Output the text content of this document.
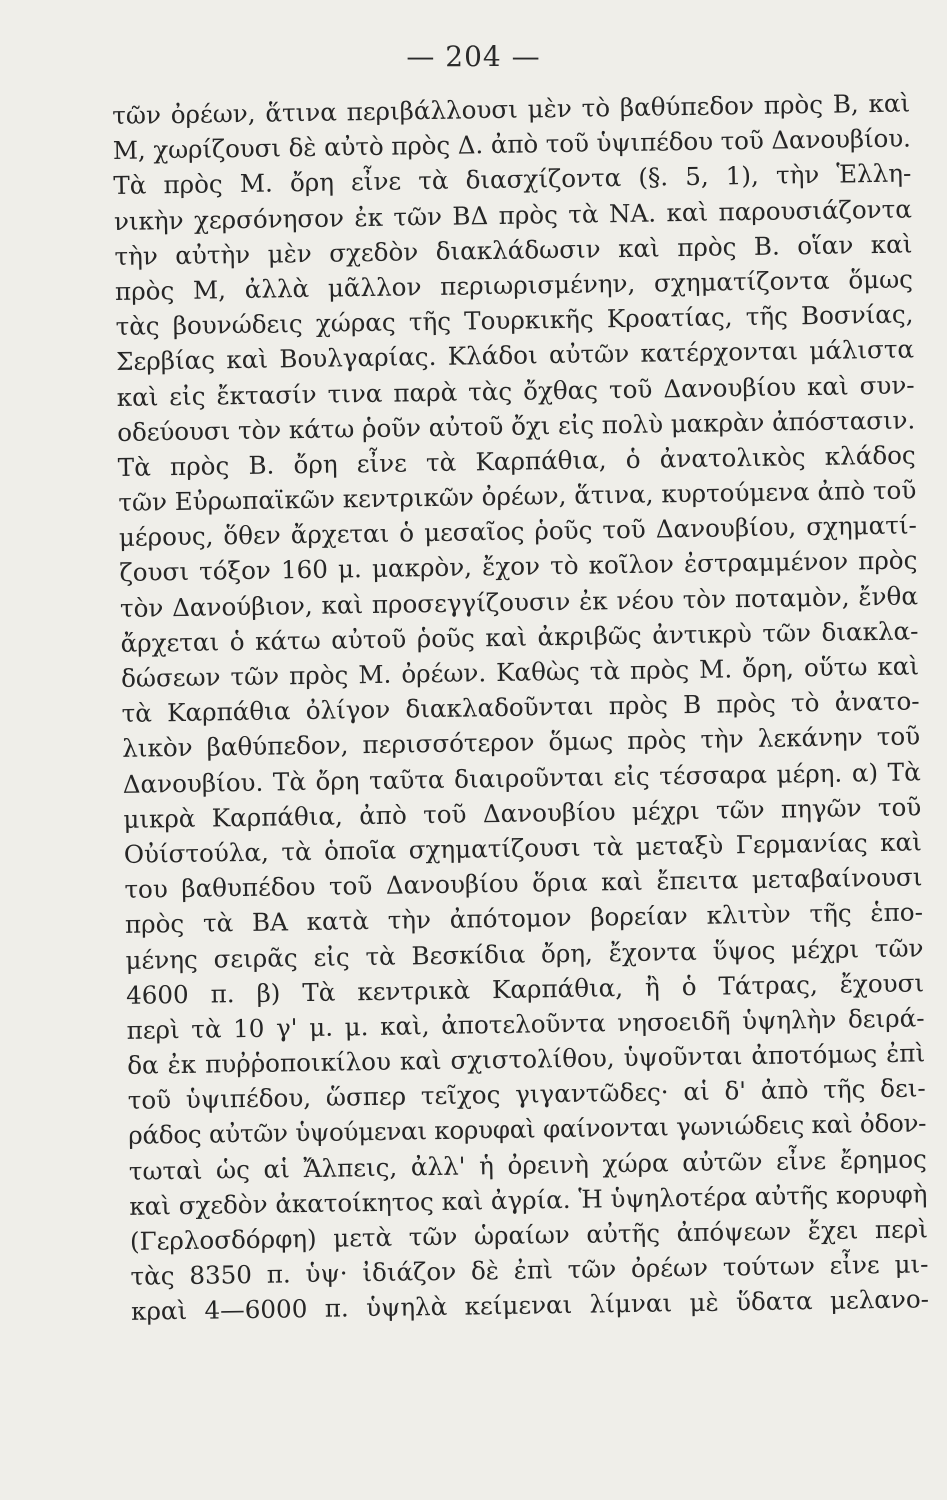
— 204 —
τῶν ὀρέων, ἅτινα περιβάλλουσι μὲν τὸ βαθύπεδον πρὸς Β, καὶ
Μ, χωρίζουσι δὲ αὐτὸ πρὸς Δ. ἀπὸ τοῦ ὑψιπέδου τοῦ Δανουβίου.
Τὰ πρὸς Μ. ὄρη εἶνε τὰ διασχίζοντα (§. 5, 1), τὴν Ἑλλη-
νικὴν χερσόνησον ἐκ τῶν ΒΔ πρὸς τὰ ΝΑ. καὶ παρουσιάζοντα
τὴν αὐτὴν μὲν σχεδὸν διακλάδωσιν καὶ πρὸς Β. οἵαν καὶ
πρὸς Μ, ἀλλὰ μᾶλλον περιωρισμένην, σχηματίζοντα ὅμως
τὰς βουνώδεις χώρας τῆς Τουρκικῆς Κροατίας, τῆς Βοσνίας,
Σερβίας καὶ Βουλγαρίας. Κλάδοι αὐτῶν κατέρχονται μάλιστα
καὶ εἰς ἔκτασίν τινα παρὰ τὰς ὄχθας τοῦ Δανουβίου καὶ συν-
οδεύουσι τὸν κάτω ῥοῦν αὐτοῦ ὄχι εἰς πολὺ μακρὰν ἀπόστασιν.
Τὰ πρὸς Β. ὄρη εἶνε τὰ Καρπάθια, ὁ ἀνατολικὸς κλάδος
τῶν Εὐρωπαϊκῶν κεντρικῶν ὀρέων, ἅτινα, κυρτούμενα ἀπὸ τοῦ
μέρους, ὅθεν ἄρχεται ὁ μεσαῖος ῥοῦς τοῦ Δανουβίου, σχηματί-
ζουσι τόξον 160 μ. μακρὸν, ἔχον τὸ κοῖλον ἐστραμμένον πρὸς
τὸν Δανούβιον, καὶ προσεγγίζουσιν ἐκ νέου τὸν ποταμὸν, ἔνθα
ἄρχεται ὁ κάτω αὐτοῦ ῥοῦς καὶ ἀκριβῶς ἀντικρὺ τῶν διακλα-
δώσεων τῶν πρὸς Μ. ὀρέων. Καθὼς τὰ πρὸς Μ. ὄρη, οὕτω καὶ
τὰ Καρπάθια ὀλίγον διακλαδοῦνται πρὸς Β πρὸς τὸ ἀνατο-
λικὸν βαθύπεδον, περισσότερον ὅμως πρὸς τὴν λεκάνην τοῦ
Δανουβίου. Τὰ ὄρη ταῦτα διαιροῦνται εἰς τέσσαρα μέρη. α) Τὰ
μικρὰ Καρπάθια, ἀπὸ τοῦ Δανουβίου μέχρι τῶν πηγῶν τοῦ
Οὐίστούλα, τὰ ὁποῖα σχηματίζουσι τὰ μεταξὺ Γερμανίας καὶ
του βαθυπέδου τοῦ Δανουβίου ὅρια καὶ ἔπειτα μεταβαίνουσι
πρὸς τὰ ΒΑ κατὰ τὴν ἀπότομον βορείαν κλιτὺν τῆς ἑπο-
μένης σειρᾶς εἰς τὰ Βεσκίδια ὄρη, ἔχοντα ὕψος μέχρι τῶν
4600 π. β) Τὰ κεντρικὰ Καρπάθια, ἢ ὁ Τάτρας, ἔχουσι
περὶ τὰ 10 γ' μ. μ. καὶ, ἀποτελοῦντα νησοειδῆ ὑψηλὴν δειρά-
δα ἐκ πυῤῥοποικίλου καὶ σχιστολίθου, ὑψοῦνται ἀποτόμως ἐπὶ
τοῦ ὑψιπέδου, ὥσπερ τεῖχος γιγαντῶδες· αἱ δ' ἀπὸ τῆς δει-
ράδος αὐτῶν ὑψούμεναι κορυφαὶ φαίνονται γωνιώδεις καὶ ὀδον-
τωταὶ ὡς αἱ Ἄλπεις, ἀλλ' ἡ ὀρεινὴ χώρα αὐτῶν εἶνε ἔρημος
καὶ σχεδὸν ἀκατοίκητος καὶ ἀγρία. Ἡ ὑψηλοτέρα αὐτῆς κορυφὴ
(Γερλοσδόρφη) μετὰ τῶν ὡραίων αὐτῆς ἀπόψεων ἔχει περὶ
τὰς 8350 π. ὑψ· ἰδιάζον δὲ ἐπὶ τῶν ὀρέων τούτων εἶνε μι-
κραὶ 4—6000 π. ὑψηλὰ κείμεναι λίμναι μὲ ὕδατα μελανο-
